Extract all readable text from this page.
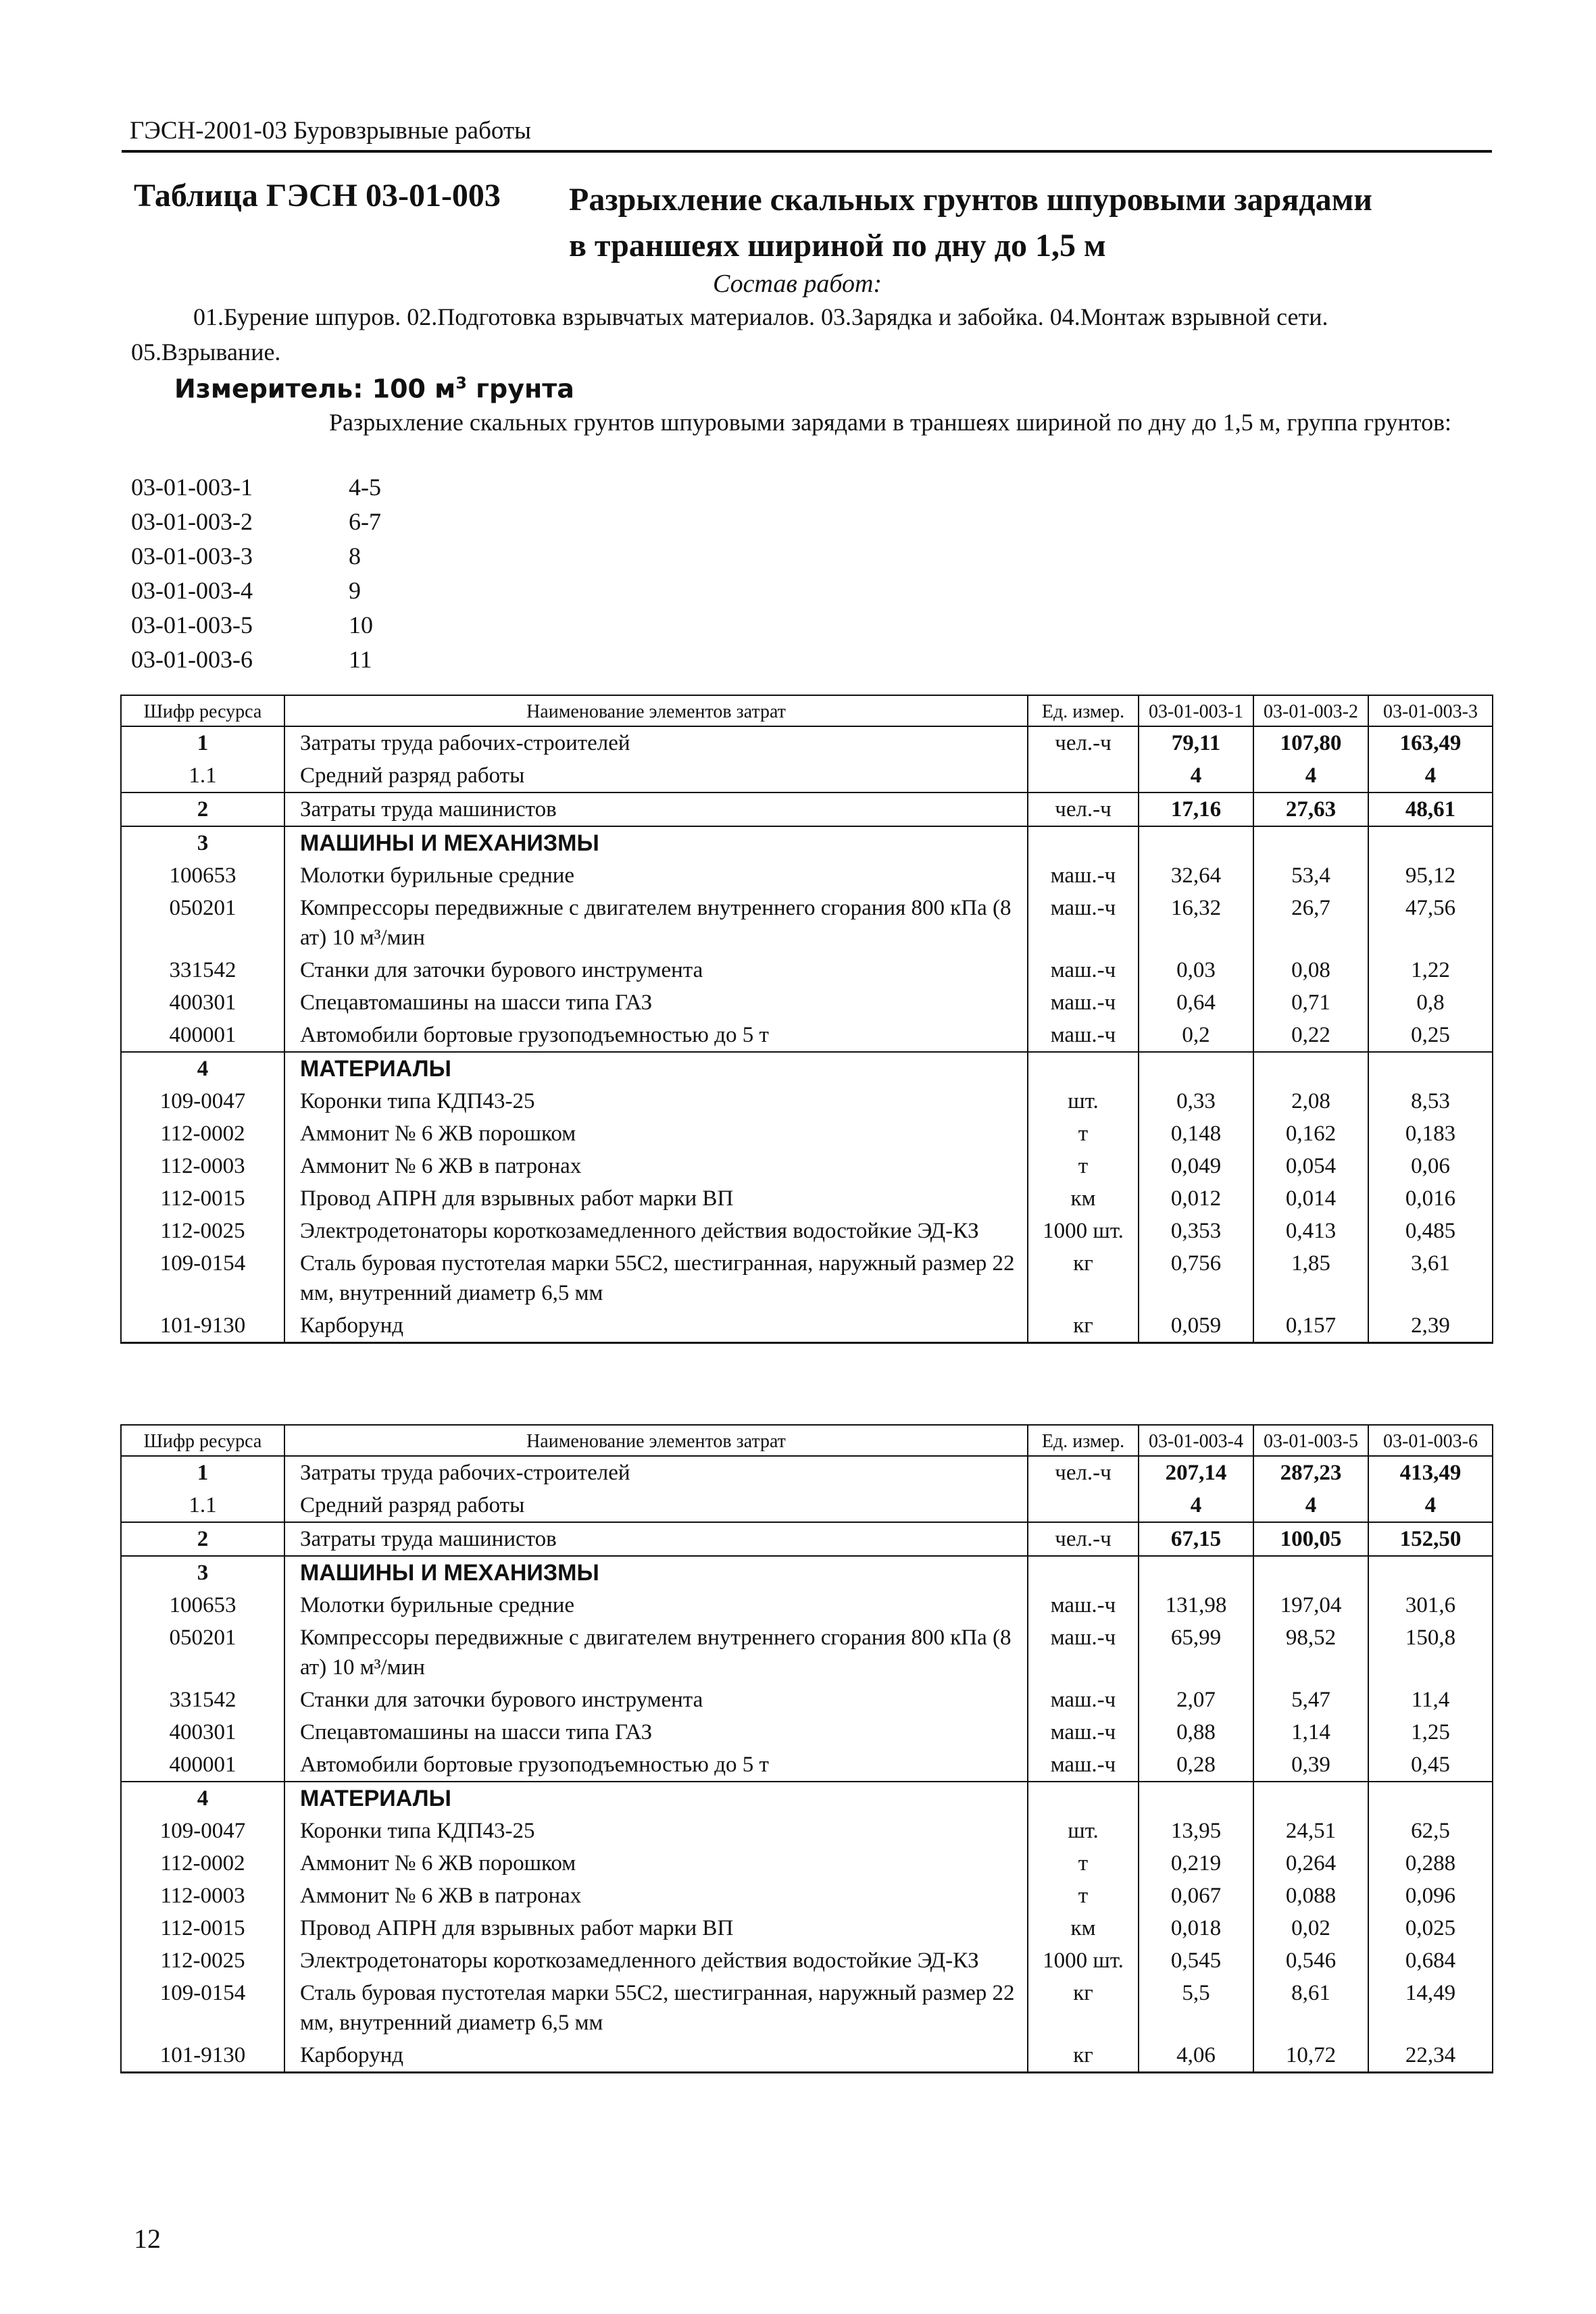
ГЭСН-2001-03 Буровзрывные работы
Таблица ГЭСН 03-01-003 Разрыхление скальных грунтов шпуровыми зарядами
в траншеях шириной по дну до 1,5 м
Состав работ:
01.Бурение шпуров. 02.Подготовка взрывчатых материалов. 03.Зарядка и забойка. 04.Монтаж взрывной сети.
05.Взрывание.
Измеритель: 100 $м^3$ грунта
Разрыхление скальных грунтов шпуровыми зарядами в траншеях шириной по дну до 1,5 м, группа грунтов:
03-01-003-1	4-5
03-01-003-2	6-7
03-01-003-3	8
03-01-003-4	9
03-01-003-5	10
03-01-003-6	11
Шифр ресурса	Наименование элементов затрат	Ед. измер.	03-01-003-1	03-01-003-2	03-01-003-3
1	Затраты труда рабочих-строителей	чел.-ч	79,11	107,80	163,49
1.1	Средний разряд работы		4	4	4
2	Затраты труда машинистов	чел.-ч	17,16	27,63	48,61
3	МАШИНЫ И МЕХАНИЗМЫ				
100653	Молотки бурильные средние	маш.-ч	32,64	53,4	95,12
050201	Компрессоры передвижные с двигателем внутреннего сгорания 800 кПа (8 ат) 10 м³/мин	маш.-ч	16,32	26,7	47,56
331542	Станки для заточки бурового инструмента	маш.-ч	0,03	0,08	1,22
400301	Спецавтомашины на шасси типа ГАЗ	маш.-ч	0,64	0,71	0,8
400001	Автомобили бортовые грузоподъемностью до 5 т	маш.-ч	0,2	0,22	0,25
4	МАТЕРИАЛЫ				
109-0047	Коронки типа КДП43-25	шт.	0,33	2,08	8,53
112-0002	Аммонит № 6 ЖВ порошком	т	0,148	0,162	0,183
112-0003	Аммонит № 6 ЖВ в патронах	т	0,049	0,054	0,06
112-0015	Провод АПРН для взрывных работ марки ВП	км	0,012	0,014	0,016
112-0025	Электродетонаторы короткозамедленного действия водостойкие ЭД-КЗ	1000 шт.	0,353	0,413	0,485
109-0154	Сталь буровая пустотелая марки 55С2, шестигранная, наружный размер 22 мм, внутренний диаметр 6,5 мм	кг	0,756	1,85	3,61
101-9130	Карборунд	кг	0,059	0,157	2,39
Шифр ресурса	Наименование элементов затрат	Ед. измер.	03-01-003-4	03-01-003-5	03-01-003-6
1	Затраты труда рабочих-строителей	чел.-ч	207,14	287,23	413,49
1.1	Средний разряд работы		4	4	4
2	Затраты труда машинистов	чел.-ч	67,15	100,05	152,50
3	МАШИНЫ И МЕХАНИЗМЫ				
100653	Молотки бурильные средние	маш.-ч	131,98	197,04	301,6
050201	Компрессоры передвижные с двигателем внутреннего сгорания 800 кПа (8 ат) 10 м³/мин	маш.-ч	65,99	98,52	150,8
331542	Станки для заточки бурового инструмента	маш.-ч	2,07	5,47	11,4
400301	Спецавтомашины на шасси типа ГАЗ	маш.-ч	0,88	1,14	1,25
400001	Автомобили бортовые грузоподъемностью до 5 т	маш.-ч	0,28	0,39	0,45
4	МАТЕРИАЛЫ				
109-0047	Коронки типа КДП43-25	шт.	13,95	24,51	62,5
112-0002	Аммонит № 6 ЖВ порошком	т	0,219	0,264	0,288
112-0003	Аммонит № 6 ЖВ в патронах	т	0,067	0,088	0,096
112-0015	Провод АПРН для взрывных работ марки ВП	км	0,018	0,02	0,025
112-0025	Электродетонаторы короткозамедленного действия водостойкие ЭД-КЗ	1000 шт.	0,545	0,546	0,684
109-0154	Сталь буровая пустотелая марки 55С2, шестигранная, наружный размер 22 мм, внутренний диаметр 6,5 мм	кг	5,5	8,61	14,49
101-9130	Карборунд	кг	4,06	10,72	22,34
12
